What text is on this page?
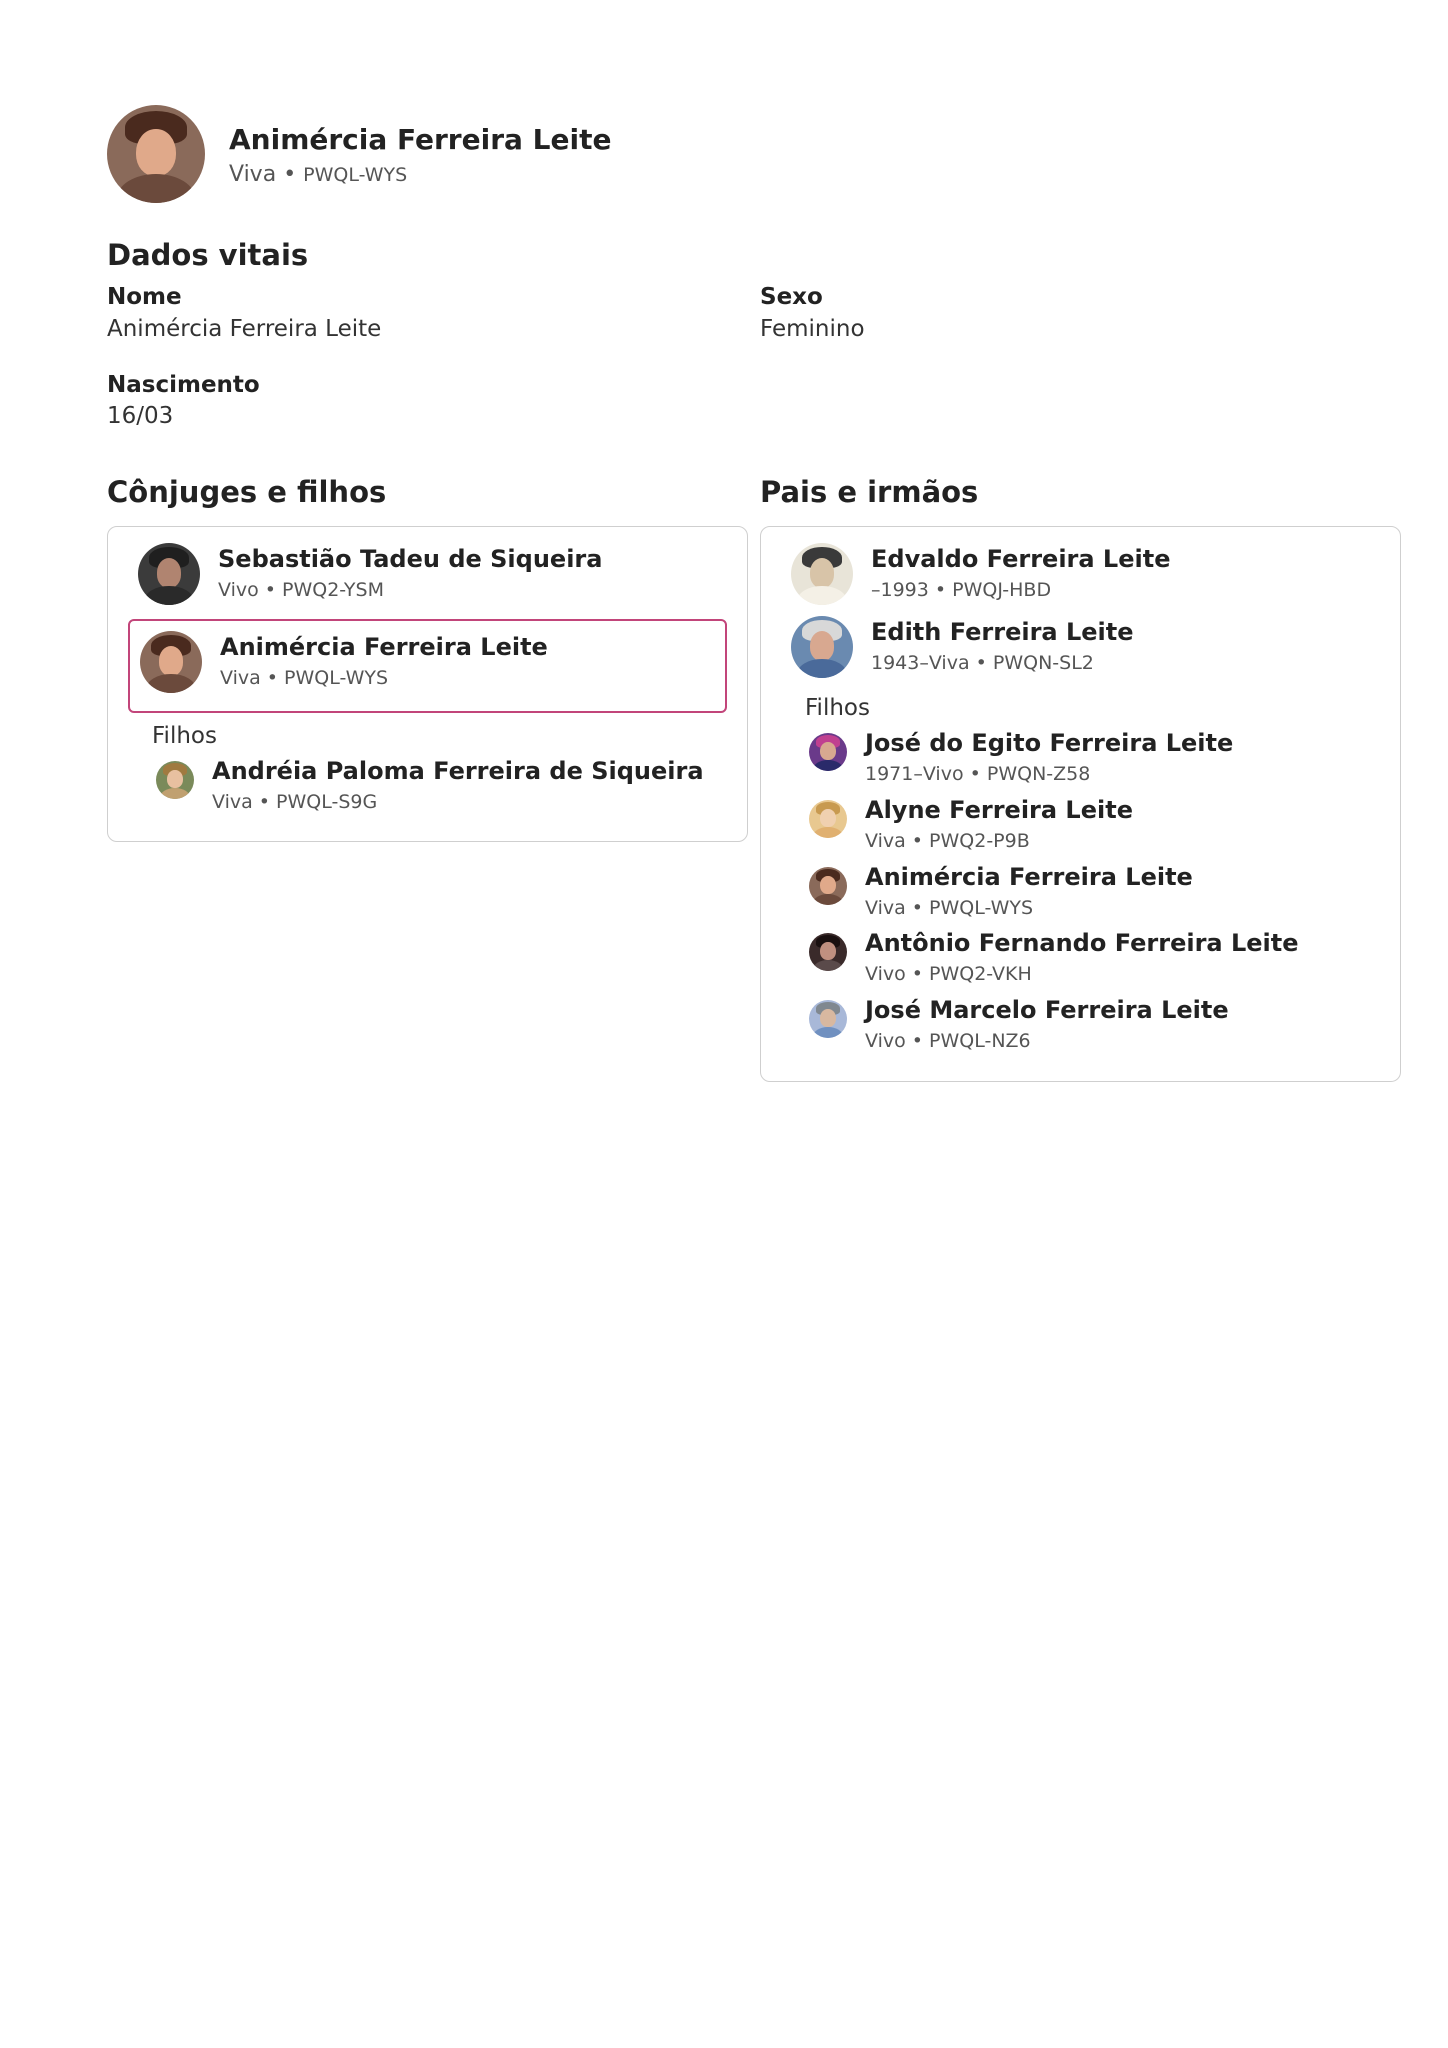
Animércia Ferreira Leite
Viva • PWQL-WYS
Dados vitais
Nome
Animércia Ferreira Leite
Sexo
Feminino
Nascimento
16/03
Cônjuges e filhos
Sebastião Tadeu de Siqueira
Vivo • PWQ2-YSM
Animércia Ferreira Leite
Viva • PWQL-WYS
Filhos
Andréia Paloma Ferreira de Siqueira
Viva • PWQL-S9G
Pais e irmãos
Edvaldo Ferreira Leite
–1993 • PWQJ-HBD
Edith Ferreira Leite
1943–Viva • PWQN-SL2
Filhos
José do Egito Ferreira Leite
1971–Vivo • PWQN-Z58
Alyne Ferreira Leite
Viva • PWQ2-P9B
Animércia Ferreira Leite
Viva • PWQL-WYS
Antônio Fernando Ferreira Leite
Vivo • PWQ2-VKH
José Marcelo Ferreira Leite
Vivo • PWQL-NZ6
